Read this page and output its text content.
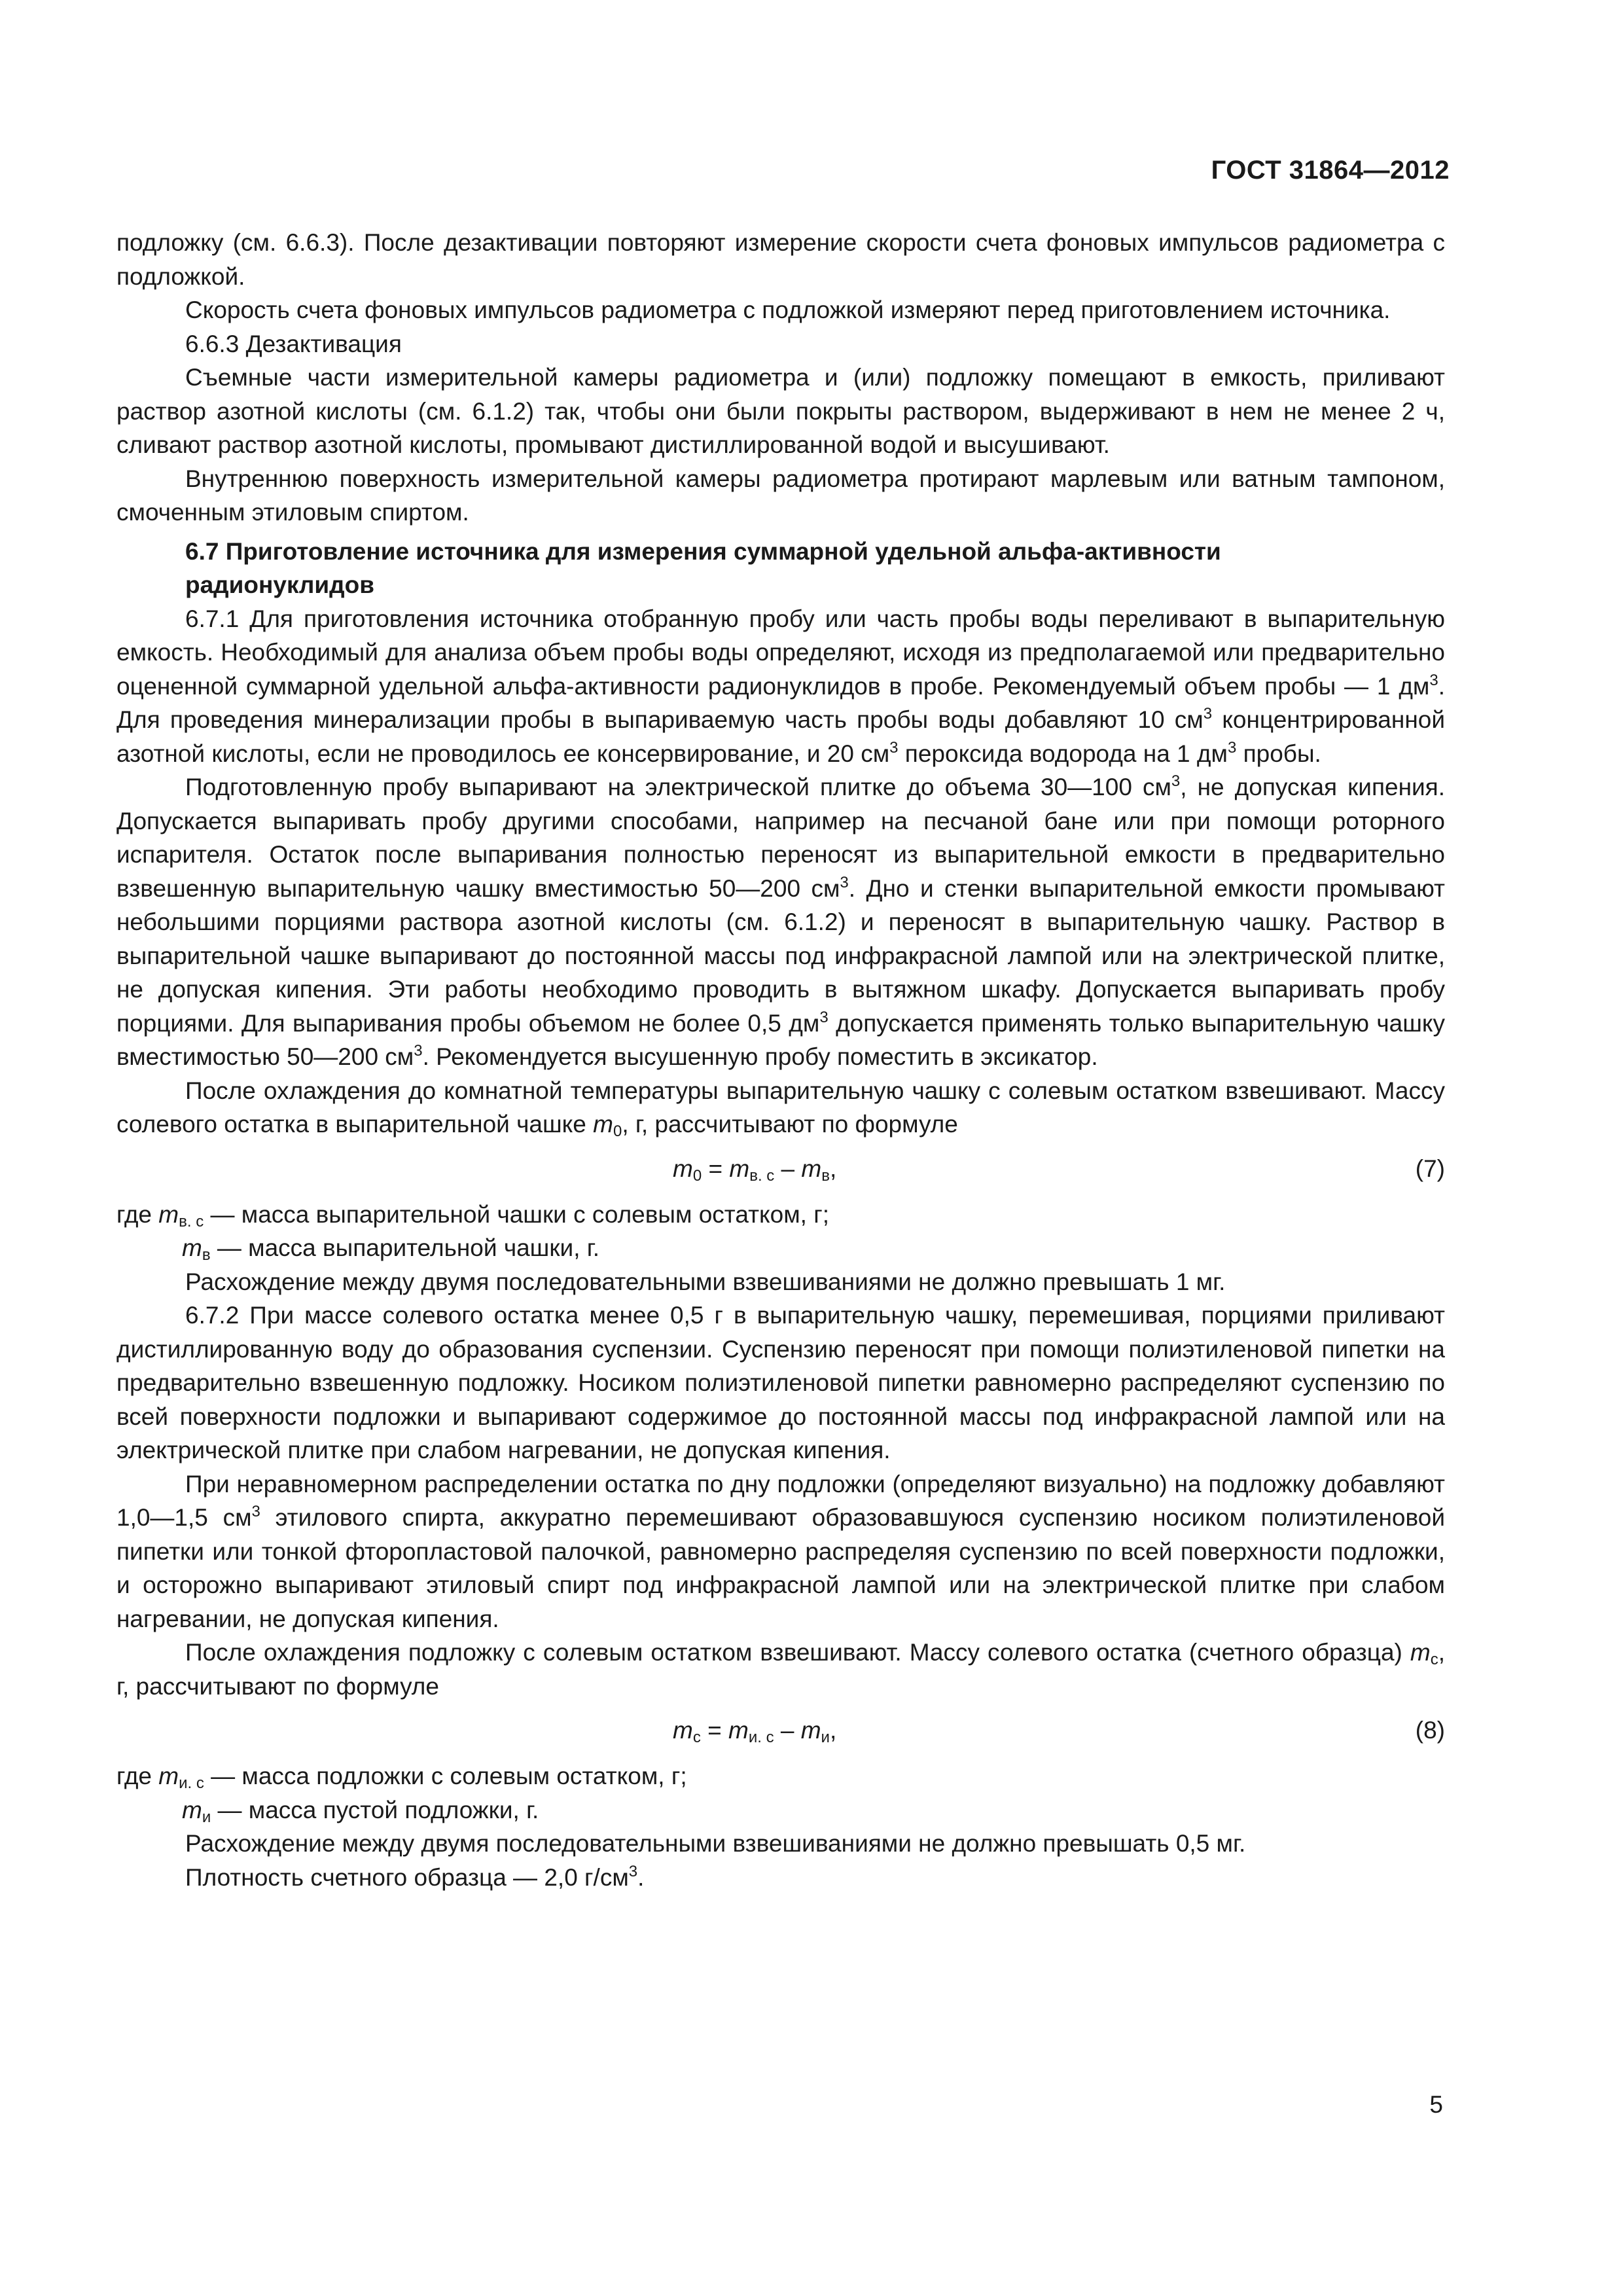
ГОСТ 31864—2012

подложку (см. 6.6.3). После дезактивации повторяют измерение скорости счета фоновых импульсов радиометра с подложкой.

Скорость счета фоновых импульсов радиометра с подложкой измеряют перед приготовлением источника.

6.6.3 Дезактивация

Съемные части измерительной камеры радиометра и (или) подложку помещают в емкость, приливают раствор азотной кислоты (см. 6.1.2) так, чтобы они были покрыты раствором, выдерживают в нем не менее 2 ч, сливают раствор азотной кислоты, промывают дистиллированной водой и высушивают.

Внутреннюю поверхность измерительной камеры радиометра протирают марлевым или ватным тампоном, смоченным этиловым спиртом.

6.7 Приготовление источника для измерения суммарной удельной альфа-активности радионуклидов

6.7.1 Для приготовления источника отобранную пробу или часть пробы воды переливают в выпарительную емкость. Необходимый для анализа объем пробы воды определяют, исходя из предполагаемой или предварительно оцененной суммарной удельной альфа-активности радионуклидов в пробе. Рекомендуемый объем пробы — 1 $дм^3$. Для проведения минерализации пробы в выпариваемую часть пробы воды добавляют 10 $см^3$ концентрированной азотной кислоты, если не проводилось ее консервирование, и 20 $см^3$ пероксида водорода на 1 $дм^3$ пробы.

Подготовленную пробу выпаривают на электрической плитке до объема 30—100 $см^3$, не допуская кипения. Допускается выпаривать пробу другими способами, например на песчаной бане или при помощи роторного испарителя. Остаток после выпаривания полностью переносят из выпарительной емкости в предварительно взвешенную выпарительную чашку вместимостью 50—200 $см^3$. Дно и стенки выпарительной емкости промывают небольшими порциями раствора азотной кислоты (см. 6.1.2) и переносят в выпарительную чашку. Раствор в выпарительной чашке выпаривают до постоянной массы под инфракрасной лампой или на электрической плитке, не допуская кипения. Эти работы необходимо проводить в вытяжном шкафу. Допускается выпаривать пробу порциями. Для выпаривания пробы объемом не более 0,5 $дм^3$ допускается применять только выпарительную чашку вместимостью 50—200 $см^3$. Рекомендуется высушенную пробу поместить в эксикатор.

После охлаждения до комнатной температуры выпарительную чашку с солевым остатком взвешивают. Массу солевого остатка в выпарительной чашке $m_0$, г, рассчитывают по формуле

$m_0 = m_{в. с} - m_в$,	(7)

где $m_{в. с}$ — масса выпарительной чашки с солевым остатком, г;

$m_в$ — масса выпарительной чашки, г.

Расхождение между двумя последовательными взвешиваниями не должно превышать 1 мг.

6.7.2 При массе солевого остатка менее 0,5 г в выпарительную чашку, перемешивая, порциями приливают дистиллированную воду до образования суспензии. Суспензию переносят при помощи полиэтиленовой пипетки на предварительно взвешенную подложку. Носиком полиэтиленовой пипетки равномерно распределяют суспензию по всей поверхности подложки и выпаривают содержимое до постоянной массы под инфракрасной лампой или на электрической плитке при слабом нагревании, не допуская кипения.

При неравномерном распределении остатка по дну подложки (определяют визуально) на подложку добавляют 1,0—1,5 $см^3$ этилового спирта, аккуратно перемешивают образовавшуюся суспензию носиком полиэтиленовой пипетки или тонкой фторопластовой палочкой, равномерно распределяя суспензию по всей поверхности подложки, и осторожно выпаривают этиловый спирт под инфракрасной лампой или на электрической плитке при слабом нагревании, не допуская кипения.

После охлаждения подложку с солевым остатком взвешивают. Массу солевого остатка (счетного образца) $m_с$, г, рассчитывают по формуле

$m_с = m_{и. с} - m_и$,	(8)

где $m_{и. с}$ — масса подложки с солевым остатком, г;

$m_и$ — масса пустой подложки, г.

Расхождение между двумя последовательными взвешиваниями не должно превышать 0,5 мг.

Плотность счетного образца — 2,0 $г/см^3$.

5
